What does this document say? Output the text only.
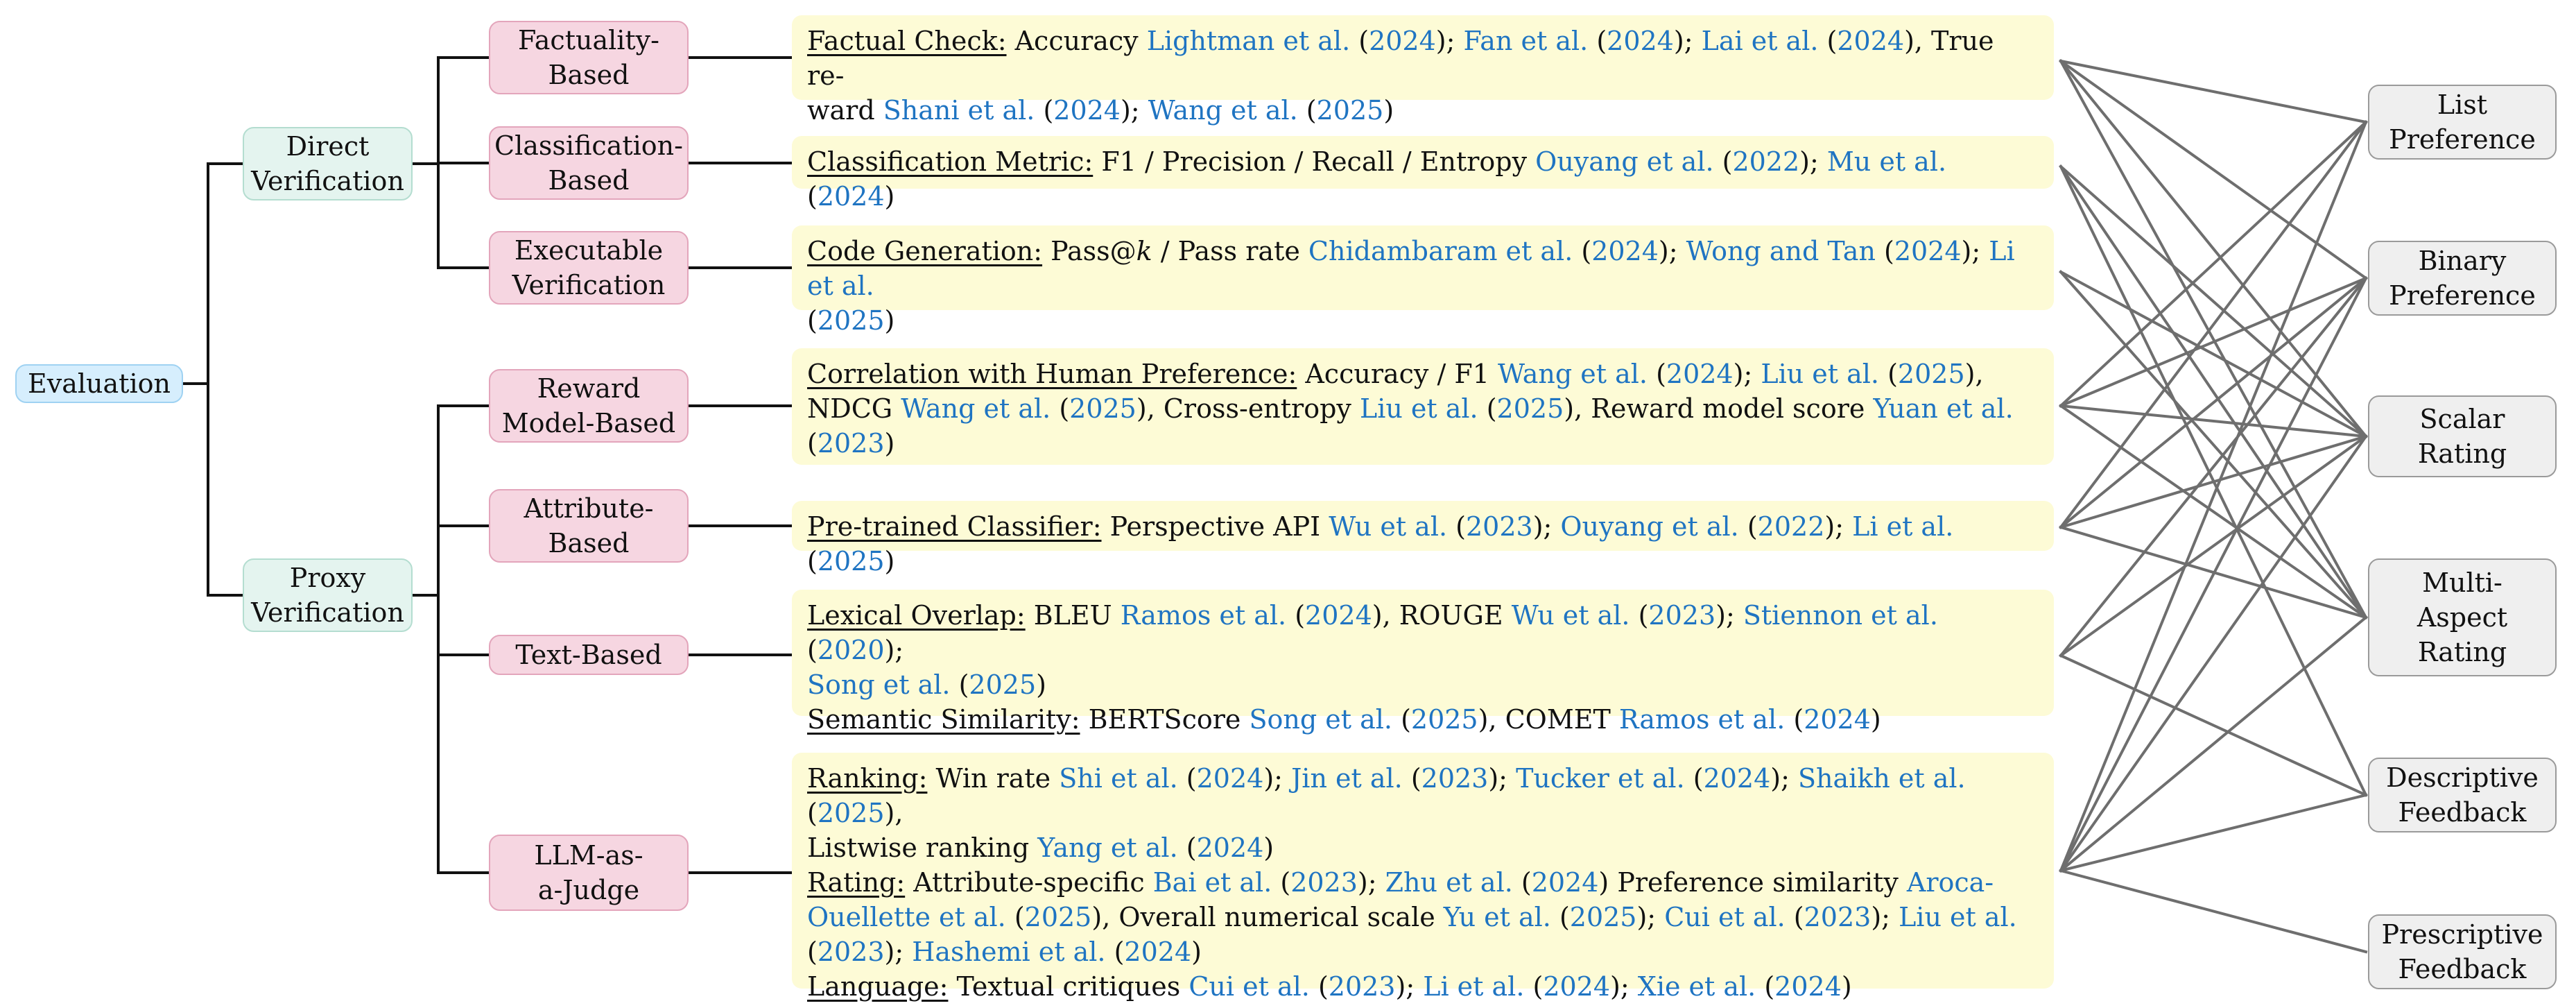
Evaluation
Direct
Verification
Proxy
Verification
Factuality-
Based
Classification-
Based
Executable
Verification
Reward
Model-Based
Attribute-
Based
Text-Based
LLM-as-
a-Judge

Factual Check: Accuracy Lightman et al. (2024); Fan et al. (2024); Lai et al. (2024), True re-

ward Shani et al. (2024); Wang et al. (2025)

Classification Metric: F1 / Precision / Recall / Entropy Ouyang et al. (2022); Mu et al. (2024)

Code Generation: Pass@k / Pass rate Chidambaram et al. (2024); Wong and Tan (2024); Li et al.

(2025)

Correlation with Human Preference: Accuracy / F1 Wang et al. (2024); Liu et al. (2025),

NDCG Wang et al. (2025), Cross-entropy Liu et al. (2025), Reward model score Yuan et al.

(2023)

Pre-trained Classifier: Perspective API Wu et al. (2023); Ouyang et al. (2022); Li et al. (2025)

Lexical Overlap: BLEU Ramos et al. (2024), ROUGE Wu et al. (2023); Stiennon et al. (2020);

Song et al. (2025)

Semantic Similarity: BERTScore Song et al. (2025), COMET Ramos et al. (2024)

Ranking: Win rate Shi et al. (2024); Jin et al. (2023); Tucker et al. (2024); Shaikh et al. (2025),

Listwise ranking Yang et al. (2024)

Rating: Attribute-specific Bai et al. (2023); Zhu et al. (2024) Preference similarity Aroca-

Ouellette et al. (2025), Overall numerical scale Yu et al. (2025); Cui et al. (2023); Liu et al.

(2023); Hashemi et al. (2024)

Language: Textual critiques Cui et al. (2023); Li et al. (2024); Xie et al. (2024)

List
Preference
Binary
Preference
Scalar
Rating
Multi-
Aspect
Rating
Descriptive
Feedback
Prescriptive
Feedback
